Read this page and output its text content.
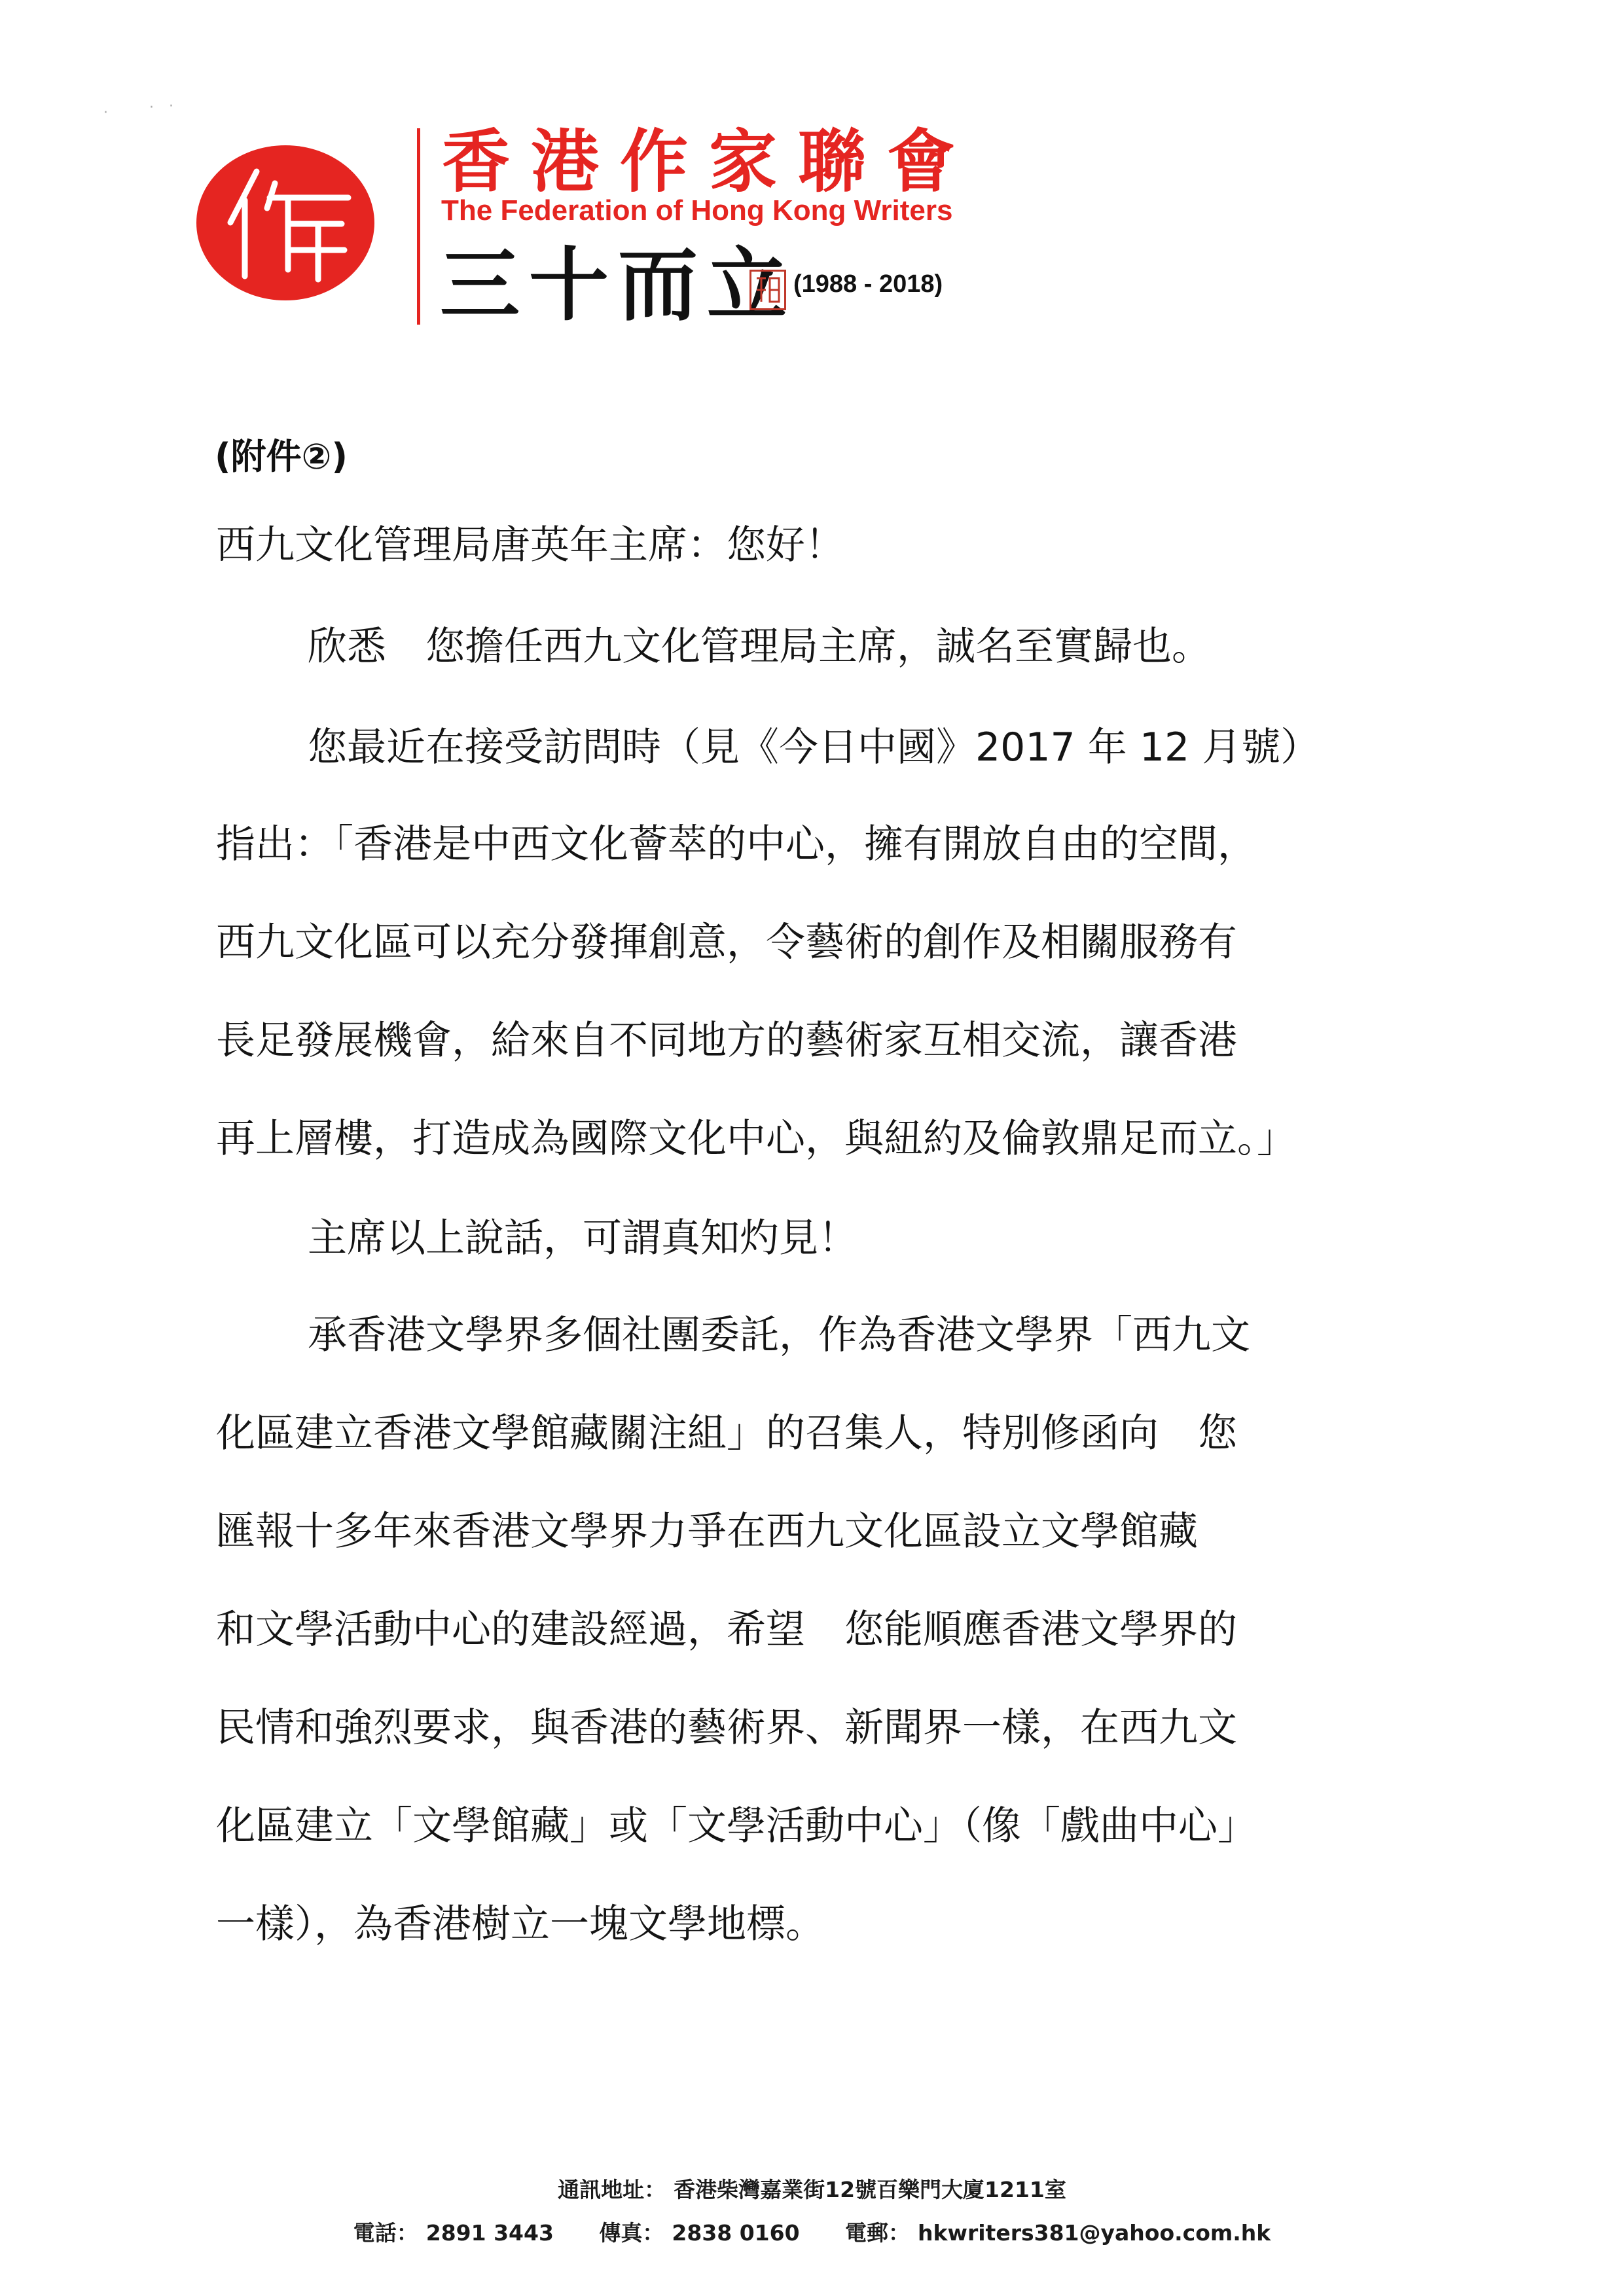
·	· ·
香港作家聯會
The Federation of Hong Kong Writers
三十而立
(1988 - 2018)
(附件②)
西九文化管理局唐英年主席：您好！
欣悉　您擔任西九文化管理局主席，誠名至實歸也。
您最近在接受訪問時（見《今日中國》2017 年 12 月號）
指出：「香港是中西文化薈萃的中心，擁有開放自由的空間，
西九文化區可以充分發揮創意，令藝術的創作及相關服務有
長足發展機會，給來自不同地方的藝術家互相交流，讓香港
再上層樓，打造成為國際文化中心，與紐約及倫敦鼎足而立。」
主席以上說話，可謂真知灼見！
承香港文學界多個社團委託，作為香港文學界「西九文
化區建立香港文學館藏關注組」的召集人，特別修函向　您
匯報十多年來香港文學界力爭在西九文化區設立文學館藏
和文學活動中心的建設經過，希望　您能順應香港文學界的
民情和強烈要求，與香港的藝術界、新聞界一樣，在西九文
化區建立「文學館藏」或「文學活動中心」（像「戲曲中心」
一樣），為香港樹立一塊文學地標。
通訊地址： 香港柴灣嘉業街12號百樂門大廈1211室
電話： 2891 3443 傳真： 2838 0160 電郵： hkwriters381@yahoo.com.hk
